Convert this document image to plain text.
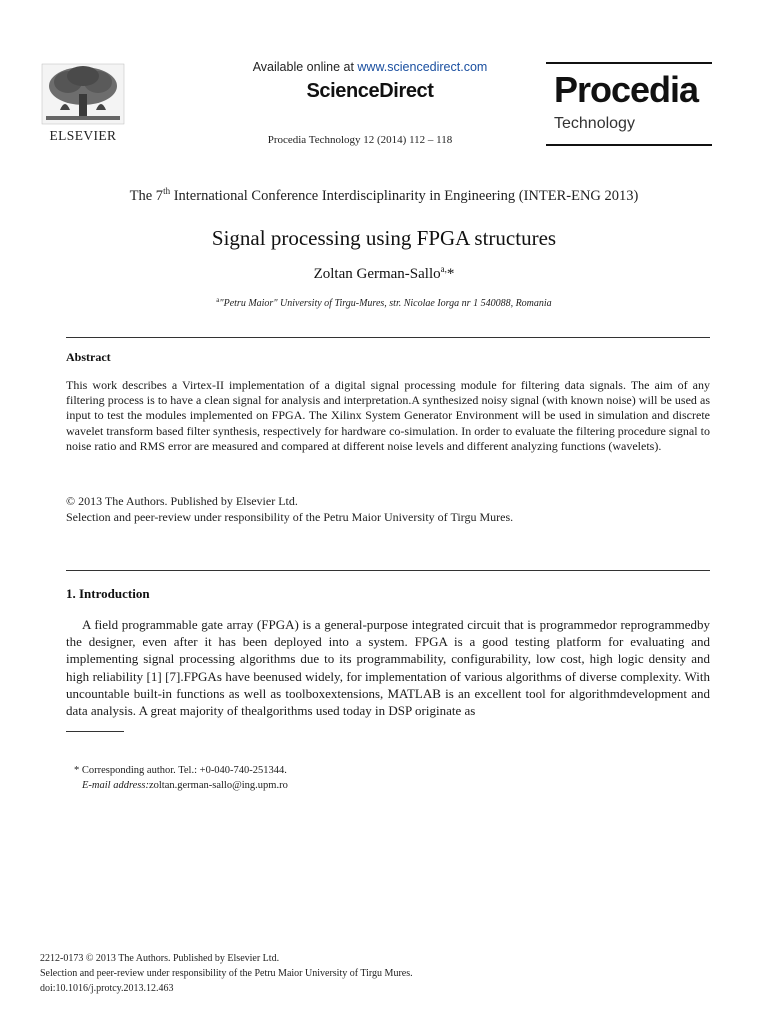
ELSEVIER
Available online at www.sciencedirect.com
ScienceDirect
Procedia Technology 12 (2014) 112 – 118
Procedia
Technology
The 7th International Conference Interdisciplinarity in Engineering (INTER-ENG 2013)
Signal processing using FPGA structures
Zoltan German-Sallo$^{a,}$*
$^a$"Petru Maior" University of Tirgu-Mures, str. Nicolae Iorga nr 1 540088, Romania
Abstract
This work describes a Virtex-II implementation of a digital signal processing module for filtering data signals. The aim of any filtering process is to have a clean signal for analysis and interpretation.A synthesized noisy signal (with known noise) will be used as input to test the modules implemented on FPGA. The Xilinx System Generator Environment will be used in simulation and discrete wavelet transform based filter synthesis, respectively for hardware co-simulation. In order to evaluate the filtering procedure signal to noise ratio and RMS error are measured and compared at different noise levels and different analyzing functions (wavelets).
© 2013 The Authors. Published by Elsevier Ltd.
Selection and peer-review under responsibility of the Petru Maior University of Tirgu Mures.
1. Introduction
A field programmable gate array (FPGA) is a general-purpose integrated circuit that is programmedor reprogrammedby the designer, even after it has been deployed into a system. FPGA is a good testing platform for evaluating and implementing signal processing algorithms due to its programmability, configurability, low cost, high logic density and high reliability [1] [7].FPGAs have beenused widely, for implementation of various algorithms of diverse complexity. With uncountable built-in functions as well as toolboxextensions, MATLAB is an excellent tool for algorithmdevelopment and data analysis. A great majority of thealgorithms used today in DSP originate as
* Corresponding author. Tel.: +0-040-740-251344.
E-mail address:zoltan.german-sallo@ing.upm.ro
2212-0173 © 2013 The Authors. Published by Elsevier Ltd.
Selection and peer-review under responsibility of the Petru Maior University of Tirgu Mures.
doi:10.1016/j.protcy.2013.12.463
